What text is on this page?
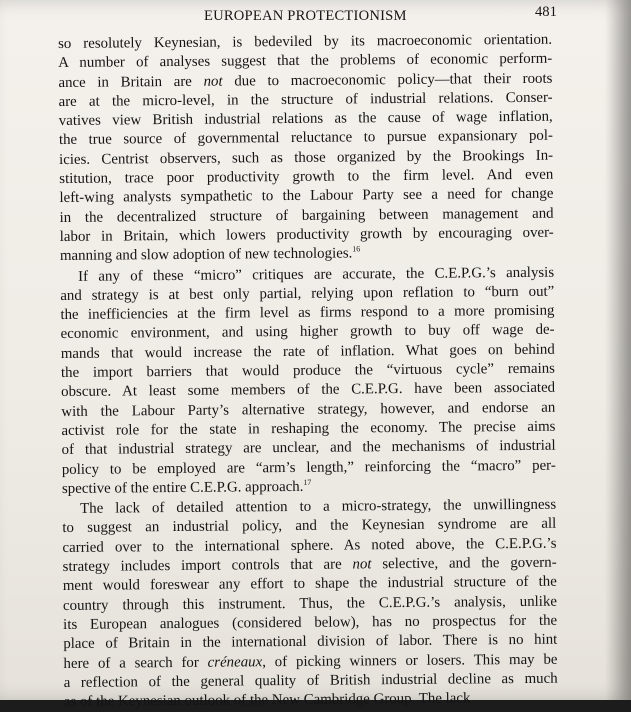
EUROPEAN PROTECTIONISM	481
so resolutely Keynesian, is bedeviled by its macroeconomic orientation.
A number of analyses suggest that the problems of economic perform-
ance in Britain are not due to macroeconomic policy—that their roots
are at the micro-level, in the structure of industrial relations. Conser-
vatives view British industrial relations as the cause of wage inflation,
the true source of governmental reluctance to pursue expansionary pol-
icies. Centrist observers, such as those organized by the Brookings In-
stitution, trace poor productivity growth to the firm level. And even
left-wing analysts sympathetic to the Labour Party see a need for change
in the decentralized structure of bargaining between management and
labor in Britain, which lowers productivity growth by encouraging over-
manning and slow adoption of new technologies.$^{16}$
If any of these “micro” critiques are accurate, the C.E.P.G.’s analysis
and strategy is at best only partial, relying upon reflation to “burn out”
the inefficiencies at the firm level as firms respond to a more promising
economic environment, and using higher growth to buy off wage de-
mands that would increase the rate of inflation. What goes on behind
the import barriers that would produce the “virtuous cycle” remains
obscure. At least some members of the C.E.P.G. have been associated
with the Labour Party’s alternative strategy, however, and endorse an
activist role for the state in reshaping the economy. The precise aims
of that industrial strategy are unclear, and the mechanisms of industrial
policy to be employed are “arm’s length,” reinforcing the “macro” per-
spective of the entire C.E.P.G. approach.$^{17}$
The lack of detailed attention to a micro-strategy, the unwillingness
to suggest an industrial policy, and the Keynesian syndrome are all
carried over to the international sphere. As noted above, the C.E.P.G.’s
strategy includes import controls that are not selective, and the govern-
ment would foreswear any effort to shape the industrial structure of the
country through this instrument. Thus, the C.E.P.G.’s analysis, unlike
its European analogues (considered below), has no prospectus for the
place of Britain in the international division of labor. There is no hint
here of a search for créneaux, of picking winners or losers. This may be
a reflection of the general quality of British industrial decline as much
as of the Keynesian outlook of the New Cambridge Group. The lack
